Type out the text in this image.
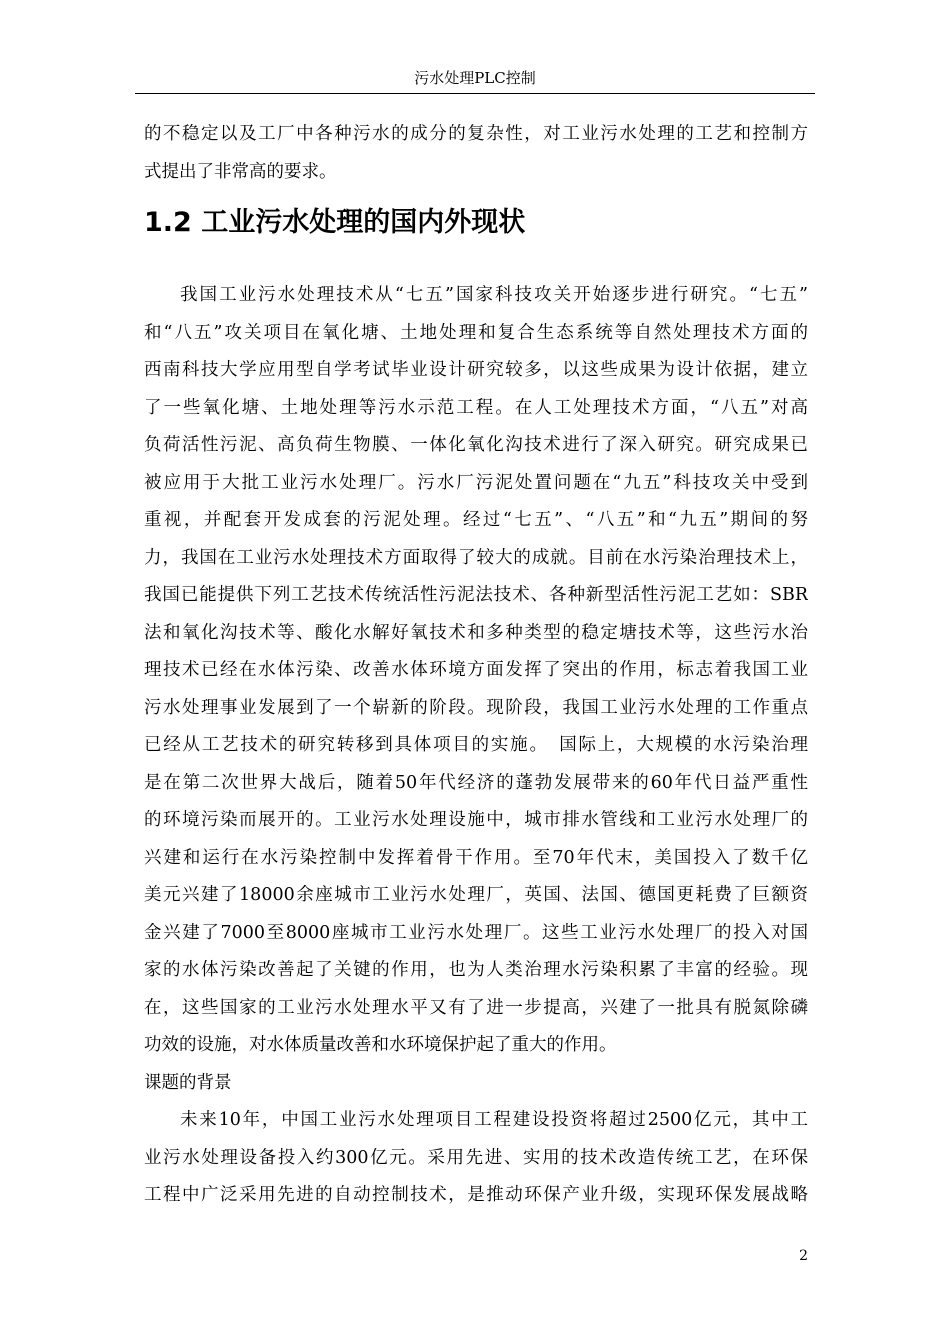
污水处理PLC控制
的不稳定以及工厂中各种污水的成分的复杂性，对工业污水处理的工艺和控制方
式提出了非常高的要求。
1.2 工业污水处理的国内外现状
我国工业污水处理技术从“七五”国家科技攻关开始逐步进行研究。“七五”
和“八五”攻关项目在氧化塘、土地处理和复合生态系统等自然处理技术方面的
西南科技大学应用型自学考试毕业设计研究较多，以这些成果为设计依据，建立
了一些氧化塘、土地处理等污水示范工程。在人工处理技术方面，“八五”对高
负荷活性污泥、高负荷生物膜、一体化氧化沟技术进行了深入研究。研究成果已
被应用于大批工业污水处理厂。污水厂污泥处置问题在“九五”科技攻关中受到
重视，并配套开发成套的污泥处理。经过“七五”、“八五”和“九五”期间的努
力，我国在工业污水处理技术方面取得了较大的成就。目前在水污染治理技术上，
我国已能提供下列工艺技术传统活性污泥法技术、各种新型活性污泥工艺如：SBR
法和氧化沟技术等、酸化水解好氧技术和多种类型的稳定塘技术等，这些污水治
理技术已经在水体污染、改善水体环境方面发挥了突出的作用，标志着我国工业
污水处理事业发展到了一个崭新的阶段。现阶段，我国工业污水处理的工作重点
已经从工艺技术的研究转移到具体项目的实施。　国际上，大规模的水污染治理
是在第二次世界大战后，随着50年代经济的蓬勃发展带来的60年代日益严重性
的环境污染而展开的。工业污水处理设施中，城市排水管线和工业污水处理厂的
兴建和运行在水污染控制中发挥着骨干作用。至70年代末，美国投入了数千亿
美元兴建了18000余座城市工业污水处理厂，英国、法国、德国更耗费了巨额资
金兴建了7000至8000座城市工业污水处理厂。这些工业污水处理厂的投入对国
家的水体污染改善起了关键的作用，也为人类治理水污染积累了丰富的经验。现
在，这些国家的工业污水处理水平又有了进一步提高，兴建了一批具有脱氮除磷
功效的设施，对水体质量改善和水环境保护起了重大的作用。
课题的背景
未来10年，中国工业污水处理项目工程建设投资将超过2500亿元，其中工
业污水处理设备投入约300亿元。采用先进、实用的技术改造传统工艺，在环保
工程中广泛采用先进的自动控制技术，是推动环保产业升级，实现环保发展战略
2
